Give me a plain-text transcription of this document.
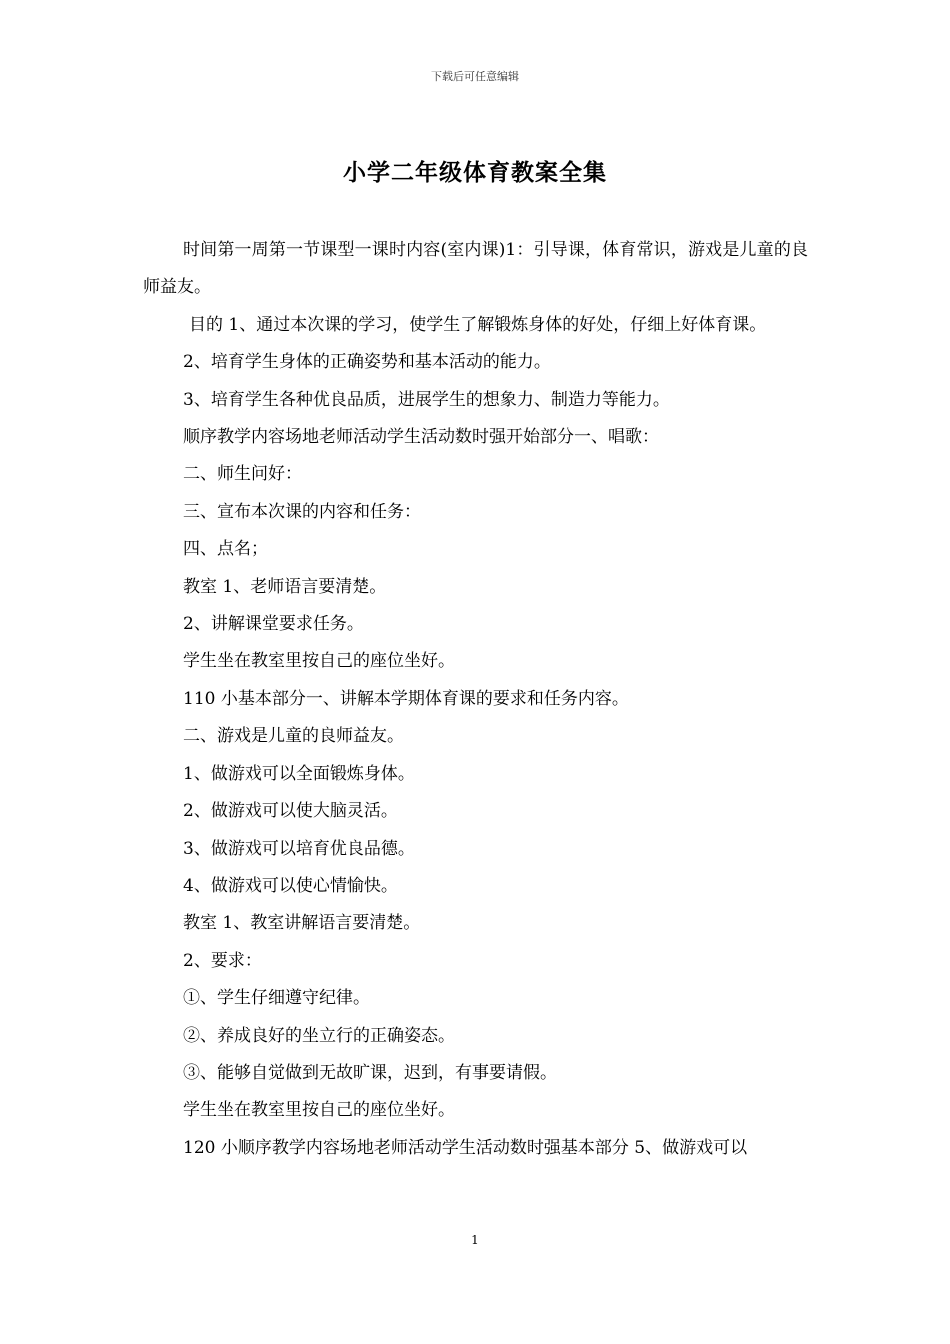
下载后可任意编辑
小学二年级体育教案全集

时间第一周第一节课型一课时内容(室内课)1：引导课，体育常识，游戏是儿童的良师益友。

目的 1、通过本次课的学习，使学生了解锻炼身体的好处，仔细上好体育课。

2、培育学生身体的正确姿势和基本活动的能力。

3、培育学生各种优良品质，进展学生的想象力、制造力等能力。

顺序教学内容场地老师活动学生活动数时强开始部分一、唱歌：

二、师生问好：

三、宣布本次课的内容和任务：

四、点名；

教室 1、老师语言要清楚。

2、讲解课堂要求任务。

学生坐在教室里按自己的座位坐好。

110 小基本部分一、讲解本学期体育课的要求和任务内容。

二、游戏是儿童的良师益友。

1、做游戏可以全面锻炼身体。

2、做游戏可以使大脑灵活。

3、做游戏可以培育优良品德。

4、做游戏可以使心情愉快。

教室 1、教室讲解语言要清楚。

2、要求：

①、学生仔细遵守纪律。

②、养成良好的坐立行的正确姿态。

③、能够自觉做到无故旷课，迟到，有事要请假。

学生坐在教室里按自己的座位坐好。

120 小顺序教学内容场地老师活动学生活动数时强基本部分 5、做游戏可以

1
